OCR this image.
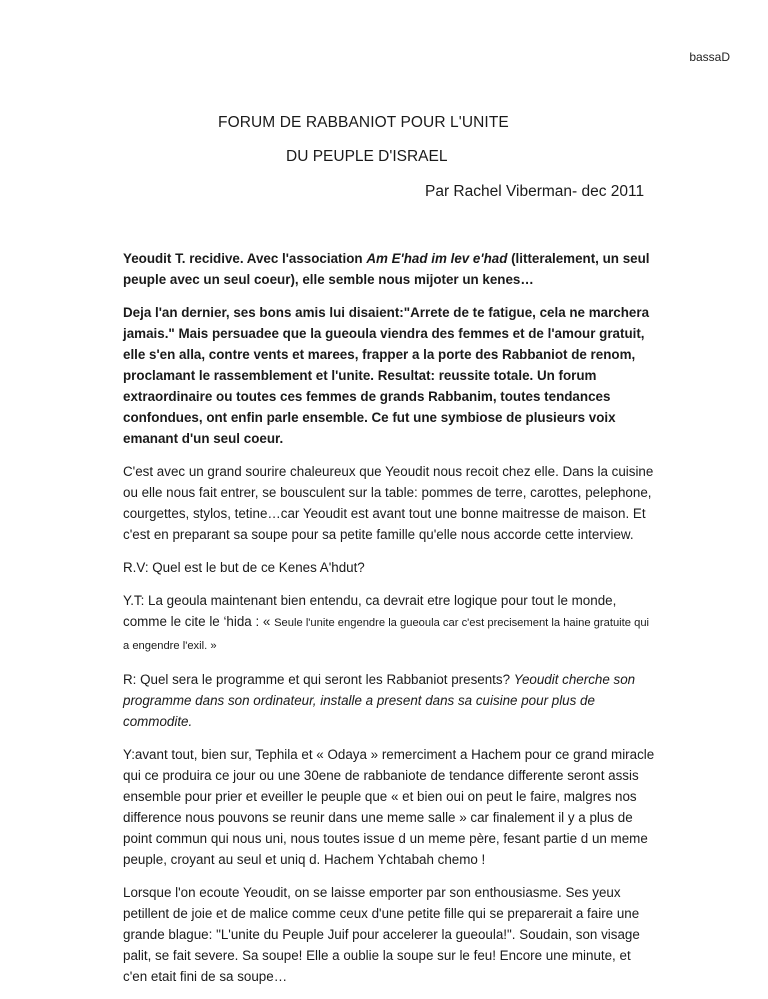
bassaD
FORUM DE RABBANIOT POUR L'UNITE
DU PEUPLE D'ISRAEL
Par Rachel Viberman- dec 2011

Yeoudit T. recidive. Avec l'association Am E'had im lev e'had (litteralement, un seul peuple avec un seul coeur), elle semble nous mijoter un kenes…

Deja l'an dernier, ses bons amis lui disaient:"Arrete de te fatigue, cela ne marchera jamais." Mais persuadee que la gueoula viendra des femmes et de l'amour gratuit, elle s'en alla, contre vents et marees, frapper a la porte des Rabbaniot de renom, proclamant le rassemblement et l'unite. Resultat: reussite totale. Un forum extraordinaire ou toutes ces femmes de grands Rabbanim, toutes tendances confondues, ont enfin parle ensemble. Ce fut une symbiose de plusieurs voix emanant d'un seul coeur.

C'est avec un grand sourire chaleureux que Yeoudit nous recoit chez elle. Dans la cuisine ou elle nous fait entrer, se bousculent sur la table: pommes de terre, carottes, pelephone, courgettes, stylos, tetine…car Yeoudit est avant tout une bonne maitresse de maison. Et c'est en preparant sa soupe pour sa petite famille qu'elle nous accorde cette interview.

R.V: Quel est le but de ce Kenes A'hdut?

Y.T: La geoula maintenant bien entendu, ca devrait etre logique pour tout le monde, comme le cite le ‘hida : « Seule l'unite engendre la gueoula car c'est precisement la haine gratuite qui a engendre l'exil. »

R: Quel sera le programme et qui seront les Rabbaniot presents? Yeoudit cherche son programme dans son ordinateur, installe a present dans sa cuisine pour plus de commodite.

Y:avant tout, bien sur, Tephila et « Odaya » remerciment a Hachem pour ce grand miracle qui ce produira ce jour ou une 30ene de rabbaniote de tendance differente seront assis ensemble pour prier et eveiller le peuple que « et bien oui on peut le faire, malgres nos difference nous pouvons se reunir dans une meme salle » car finalement il y a plus de point commun qui nous uni, nous toutes issue d un meme père, fesant partie d un meme peuple, croyant au seul et uniq d. Hachem Ychtabah chemo !

Lorsque l'on ecoute Yeoudit, on se laisse emporter par son enthousiasme. Ses yeux petillent de joie et de malice comme ceux d'une petite fille qui se preparerait a faire une grande blague: "L'unite du Peuple Juif pour accelerer la gueoula!". Soudain, son visage palit, se fait severe. Sa soupe! Elle a oublie la soupe sur le feu! Encore une minute, et c'en etait fini de sa soupe…
